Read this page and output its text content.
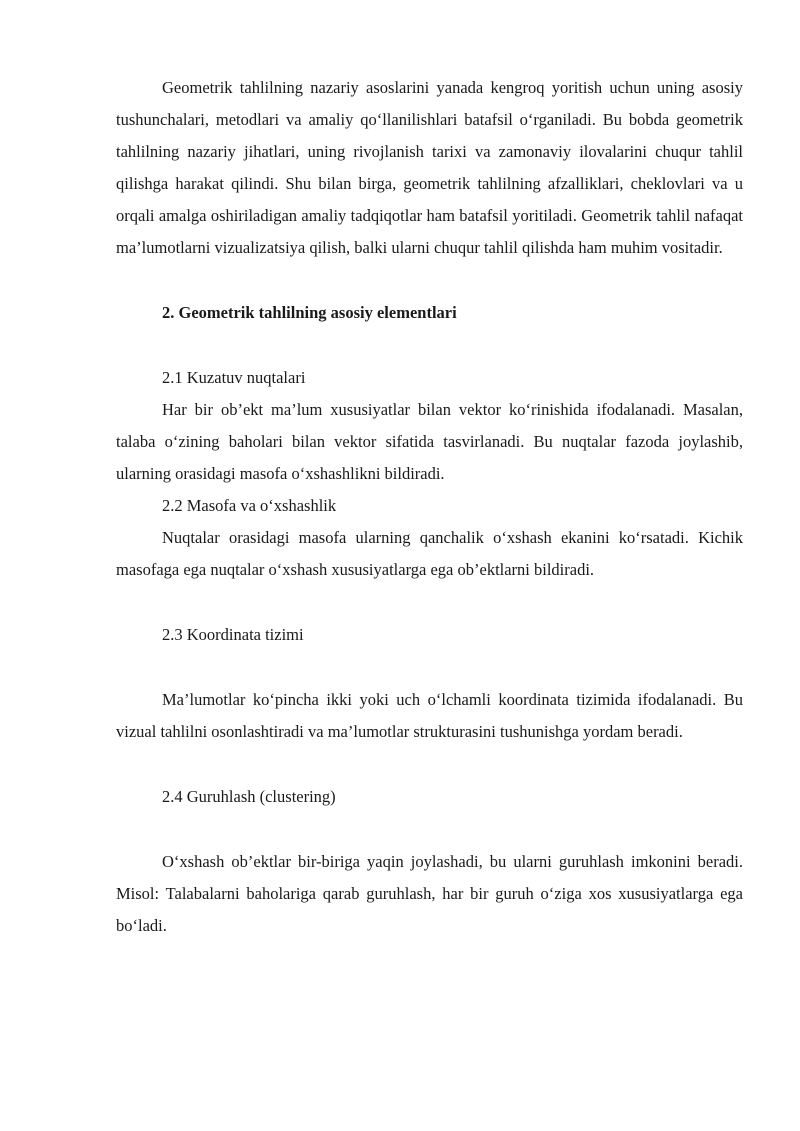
Geometrik tahlilning nazariy asoslarini yanada kengroq yoritish uchun uning asosiy tushunchalari, metodlari va amaliy qo‘llanilishlari batafsil o‘rganiladi. Bu bobda geometrik tahlilning nazariy jihatlari, uning rivojlanish tarixi va zamonaviy ilovalarini chuqur tahlil qilishga harakat qilindi. Shu bilan birga, geometrik tahlilning afzalliklari, cheklovlari va u orqali amalga oshiriladigan amaliy tadqiqotlar ham batafsil yoritiladi. Geometrik tahlil nafaqat ma’lumotlarni vizualizatsiya qilish, balki ularni chuqur tahlil qilishda ham muhim vositadir.

2. Geometrik tahlilning asosiy elementlari
2.1 Kuzatuv nuqtalari

Har bir ob’ekt ma’lum xususiyatlar bilan vektor ko‘rinishida ifodalanadi. Masalan, talaba o‘zining baholari bilan vektor sifatida tasvirlanadi. Bu nuqtalar fazoda joylashib, ularning orasidagi masofa o‘xshashlikni bildiradi.

2.2 Masofa va o‘xshashlik

Nuqtalar orasidagi masofa ularning qanchalik o‘xshash ekanini ko‘rsatadi. Kichik masofaga ega nuqtalar o‘xshash xususiyatlarga ega ob’ektlarni bildiradi.

2.3 Koordinata tizimi

Ma’lumotlar ko‘pincha ikki yoki uch o‘lchamli koordinata tizimida ifodalanadi. Bu vizual tahlilni osonlashtiradi va ma’lumotlar strukturasini tushunishga yordam beradi.

2.4 Guruhlash (clustering)

O‘xshash ob’ektlar bir-biriga yaqin joylashadi, bu ularni guruhlash imkonini beradi. Misol: Talabalarni baholariga qarab guruhlash, har bir guruh o‘ziga xos xususiyatlarga ega bo‘ladi.
